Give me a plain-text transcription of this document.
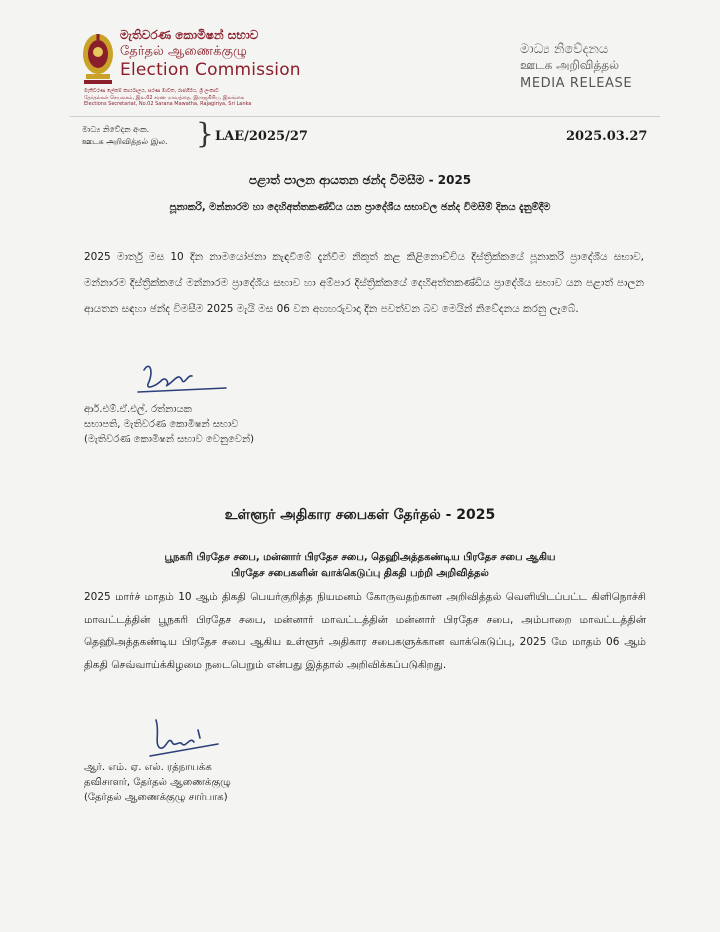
මැතිවරණ කොමිෂන් සභාව
தேர்தல் ஆணைக்குழு
Election Commission
මැතිවරණ ලේකම් කාර්යාලය, සරණ මාවත, රාජගිරිය, ශ්‍රී ලංකාව
தேர்தல்கள் செயலகம், இல.02 சரண மாவத்தை, இராஜகிரிய, இலங்கை
Elections Secretariat, No.02 Sarana Mawatha, Rajagiriya, Sri Lanka
මාධ්‍ය නිවේදනය
ஊடக அறிவித்தல்
MEDIA RELEASE
මාධ්‍ය නිවේදන අංක.
ஊடக அறிவித்தல் இல. } LAE/2025/27	2025.03.27
පළාත් පාලන ආයතන ඡන්ද විමසීම - 2025
පූනාකරි, මන්නාරම හා දෙහිඅත්තකණ්ඩිය යන ප්‍රාදේශීය සභාවල ඡන්ද විමසීම් දිනය දැනුම්දීම
2025 මාර්තු මස 10 දින නාමයෝජනා කැඳවීමේ දැන්වීම නිකුත් කළ කිළිනොච්චිය දිස්ත්‍රික්කයේ පූනාකරි ප්‍රාදේශීය සභාව, මන්නාරම දිස්ත්‍රික්කයේ මන්නාරම ප්‍රාදේශීය සභාව හා අම්පාර දිස්ත්‍රික්කයේ දෙහිඅත්තකණ්ඩිය ප්‍රාදේශීය සභාව යන පළාත් පාලන ආයතන සඳහා ඡන්ද විමසීම 2025 මැයි මස 06 වන අඟහරුවාදා දින පවත්වන බව මෙයින් නිවේදනය කරනු ලැබේ.
ආර්.එම්.ඒ.එල්. රත්නායක
සභාපති, මැතිවරණ කොමිෂන් සභාව
(මැතිවරණ කොමිෂන් සභාව වෙනුවෙන්)
உள்ளூர் அதிகார சபைகள் தேர்தல் - 2025
பூநகரி பிரதேச சபை, மன்னார் பிரதேச சபை, தெஹிஅத்தகண்டிய பிரதேச சபை ஆகிய
பிரதேச சபைகளின் வாக்கெடுப்பு திகதி பற்றி அறிவித்தல்
2025 மார்ச் மாதம் 10 ஆம் திகதி பெயர்குறித்த நியமனம் கோருவதற்கான அறிவித்தல் வெளியிடப்பட்ட கிளிநொச்சி மாவட்டத்தின் பூநகரி பிரதேச சபை, மன்னார் மாவட்டத்தின் மன்னார் பிரதேச சபை, அம்பாறை மாவட்டத்தின் தெஹிஅத்தகண்டிய பிரதேச சபை ஆகிய உள்ளூர் அதிகார சபைகளுக்கான வாக்கெடுப்பு, 2025 மே மாதம் 06 ஆம் திகதி செவ்வாய்க்கிழமை நடைபெறும் என்பது இத்தால் அறிவிக்கப்படுகிறது.
ஆர். எம். ஏ. எல். ரத்நாயக்க
தவிசாளர், தேர்தல் ஆணைக்குழு
(தேர்தல் ஆணைக்குழு சார்பாக)
